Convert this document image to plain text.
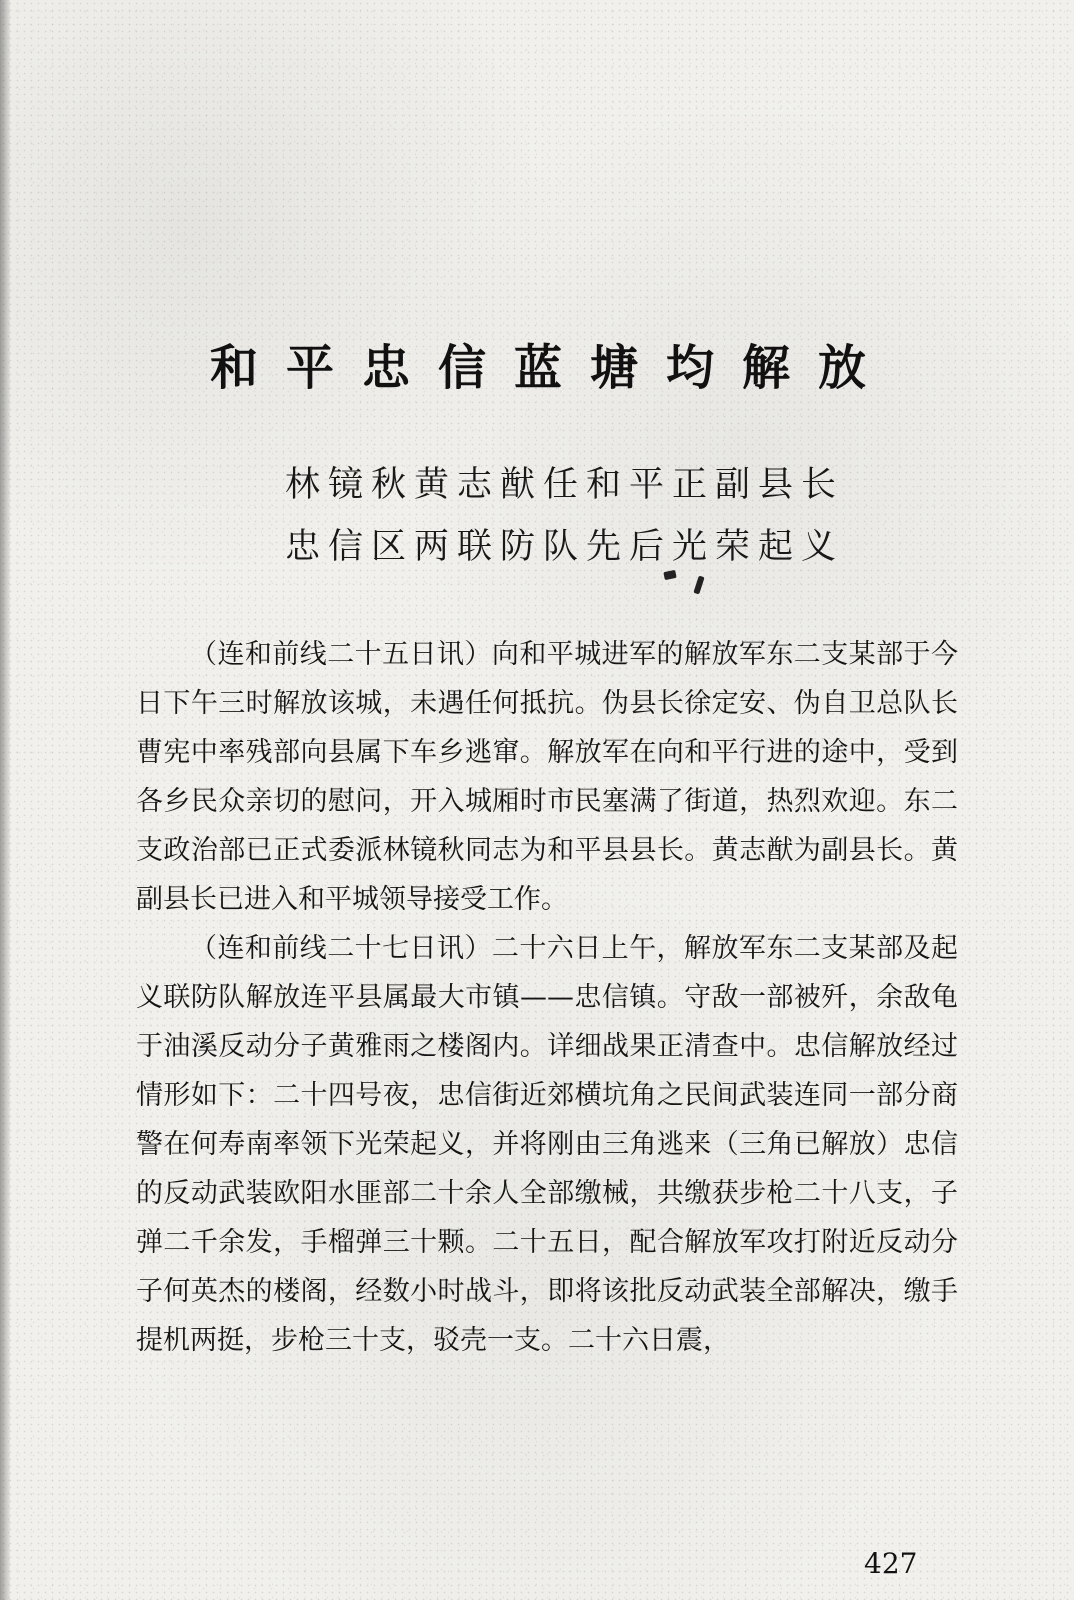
和平忠信蓝塘均解放
林镜秋黄志猷任和平正副县长
忠信区两联防队先后光荣起义

（连和前线二十五日讯）向和平城进军的解放军东二支某部于今日下午三时解放该城，未遇任何抵抗。伪县长徐定安、伪自卫总队长曹宪中率残部向县属下车乡逃窜。解放军在向和平行进的途中，受到各乡民众亲切的慰问，开入城厢时市民塞满了街道，热烈欢迎。东二支政治部已正式委派林镜秋同志为和平县县长。黄志猷为副县长。黄副县长已进入和平城领导接受工作。

（连和前线二十七日讯）二十六日上午，解放军东二支某部及起义联防队解放连平县属最大市镇——忠信镇。守敌一部被歼，余敌龟于油溪反动分子黄雅雨之楼阁内。详细战果正清查中。忠信解放经过情形如下：二十四号夜，忠信街近郊横坑角之民间武装连同一部分商警在何寿南率领下光荣起义，并将刚由三角逃来（三角已解放）忠信的反动武装欧阳水匪部二十余人全部缴械，共缴获步枪二十八支，子弹二千余发，手榴弹三十颗。二十五日，配合解放军攻打附近反动分子何英杰的楼阁，经数小时战斗，即将该批反动武装全部解决，缴手提机两挺，步枪三十支，驳壳一支。二十六日震，

427
